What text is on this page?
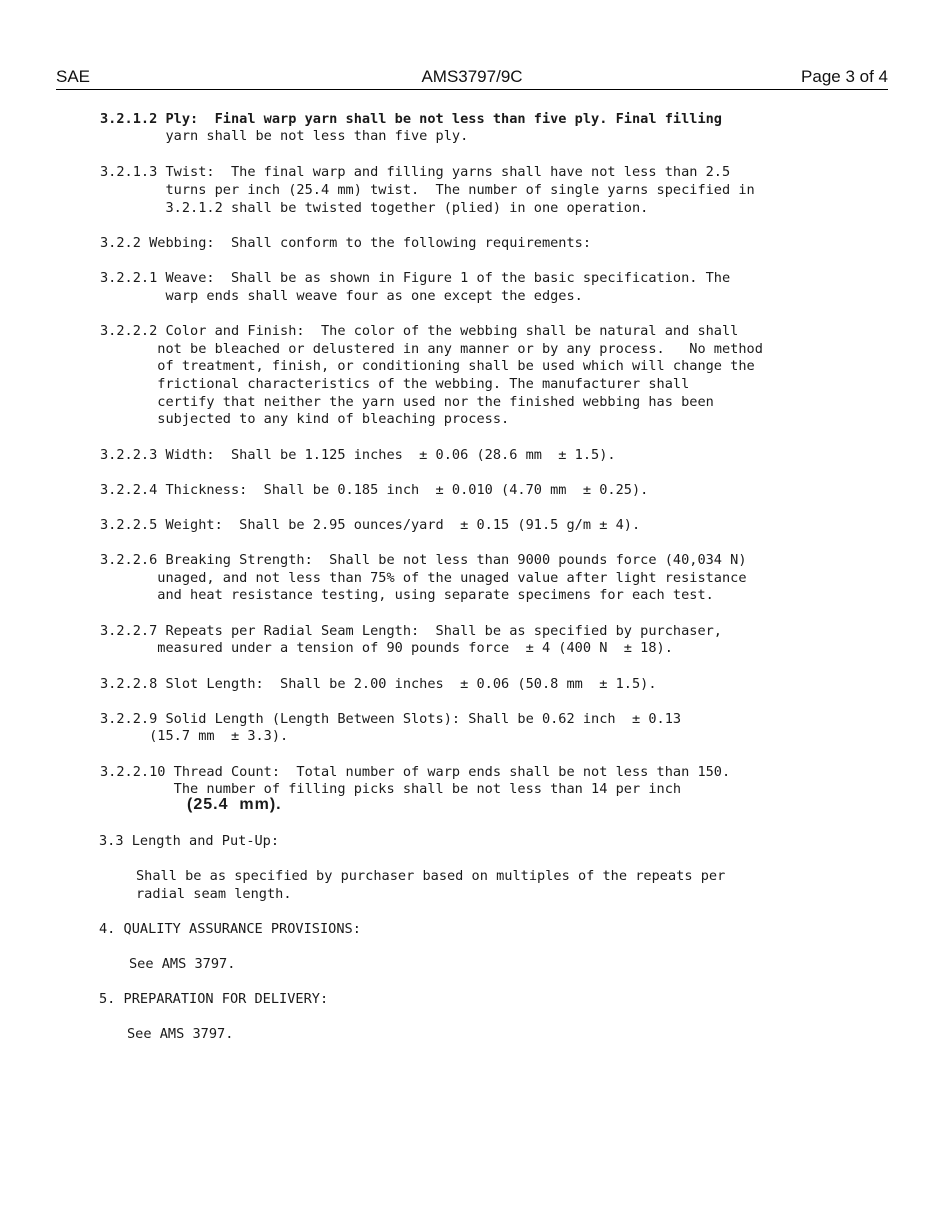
SAE	AMS3797/9C	Page 3 of 4
3.2.1.2 Ply:  Final warp yarn shall be not less than five ply. Final filling
yarn shall be not less than five ply.
3.2.1.3 Twist:  The final warp and filling yarns shall have not less than 2.5
turns per inch (25.4 mm) twist.  The number of single yarns specified in
3.2.1.2 shall be twisted together (plied) in one operation.
3.2.2 Webbing:  Shall conform to the following requirements:
3.2.2.1 Weave:  Shall be as shown in Figure 1 of the basic specification. The
warp ends shall weave four as one except the edges.
3.2.2.2 Color and Finish:  The color of the webbing shall be natural and shall
not be bleached or delustered in any manner or by any process.   No method
of treatment, finish, or conditioning shall be used which will change the
frictional characteristics of the webbing. The manufacturer shall
certify that neither the yarn used nor the finished webbing has been
subjected to any kind of bleaching process.
3.2.2.3 Width:  Shall be 1.125 inches  ± 0.06 (28.6 mm  ± 1.5).
3.2.2.4 Thickness:  Shall be 0.185 inch  ± 0.010 (4.70 mm  ± 0.25).
3.2.2.5 Weight:  Shall be 2.95 ounces/yard  ± 0.15 (91.5 g/m ± 4).
3.2.2.6 Breaking Strength:  Shall be not less than 9000 pounds force (40,034 N)
unaged, and not less than 75% of the unaged value after light resistance
and heat resistance testing, using separate specimens for each test.
3.2.2.7 Repeats per Radial Seam Length:  Shall be as specified by purchaser,
measured under a tension of 90 pounds force  ± 4 (400 N  ± 18).
3.2.2.8 Slot Length:  Shall be 2.00 inches  ± 0.06 (50.8 mm  ± 1.5).
3.2.2.9 Solid Length (Length Between Slots): Shall be 0.62 inch  ± 0.13
(15.7 mm  ± 3.3).
3.2.2.10 Thread Count:  Total number of warp ends shall be not less than 150.
The number of filling picks shall be not less than 14 per inch
(25.4  mm).
3.3 Length and Put-Up:
Shall be as specified by purchaser based on multiples of the repeats per
radial seam length.
4. QUALITY ASSURANCE PROVISIONS:
See AMS 3797.
5. PREPARATION FOR DELIVERY:
See AMS 3797.
